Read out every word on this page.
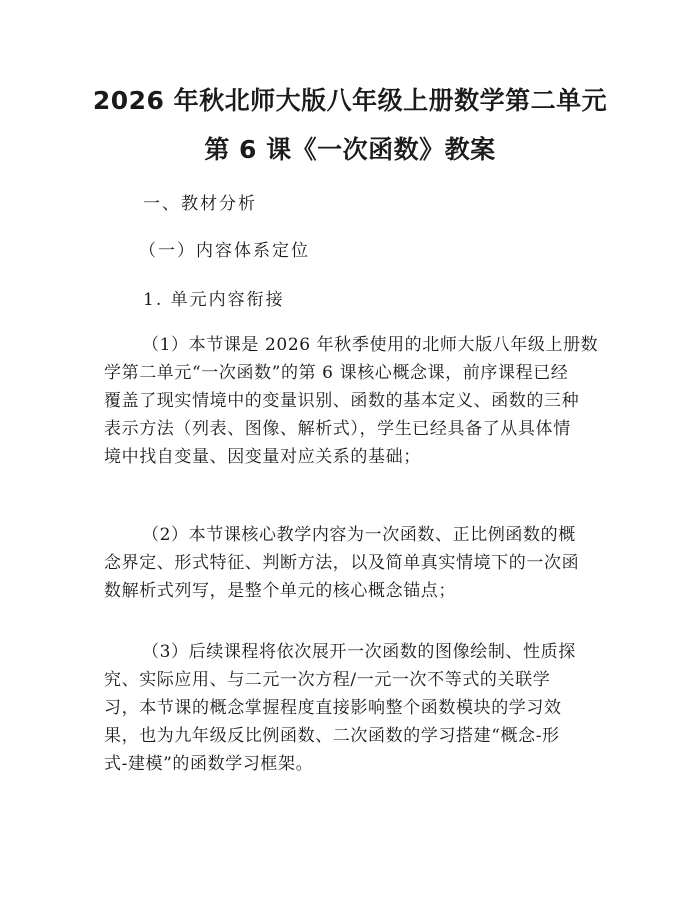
2026 年秋北师大版八年级上册数学第二单元
第 6 课《一次函数》教案
一、教材分析
（一）内容体系定位
1. 单元内容衔接
（1）本节课是 2026 年秋季使用的北师大版八年级上册数
学第二单元“一次函数”的第 6 课核心概念课，前序课程已经
覆盖了现实情境中的变量识别、函数的基本定义、函数的三种
表示方法（列表、图像、解析式），学生已经具备了从具体情
境中找自变量、因变量对应关系的基础；
（2）本节课核心教学内容为一次函数、正比例函数的概
念界定、形式特征、判断方法，以及简单真实情境下的一次函
数解析式列写，是整个单元的核心概念锚点；
（3）后续课程将依次展开一次函数的图像绘制、性质探
究、实际应用、与二元一次方程/一元一次不等式的关联学
习，本节课的概念掌握程度直接影响整个函数模块的学习效
果，也为九年级反比例函数、二次函数的学习搭建“概念-形
式-建模”的函数学习框架。
